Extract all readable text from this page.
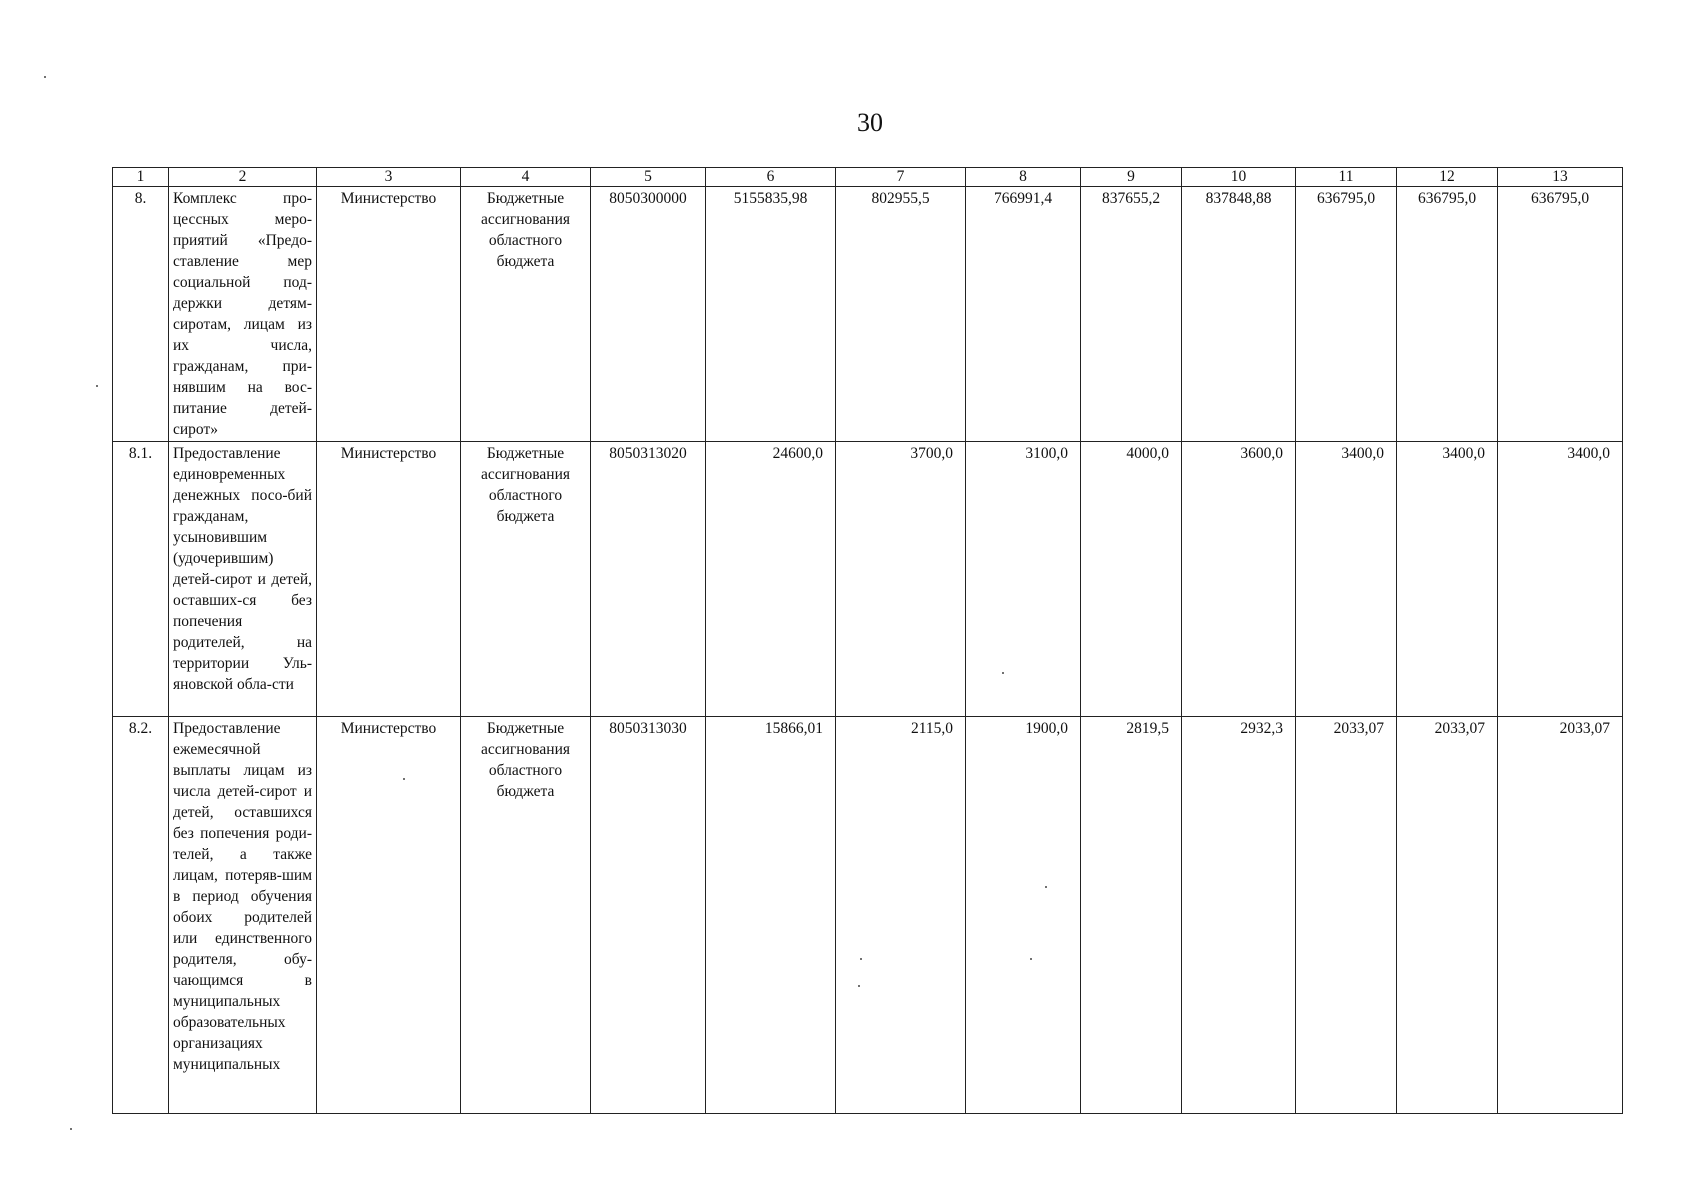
30
1	2	3	4	5	6	7	8	9	10	11	12	13
8.	Комплекс про-цессных меро-приятий «Предо-ставление мер социальной под-держки детям-сиротам, лицам из их числа, гражданам, при-нявшим на вос-питание детей-сирот»	Министерство	Бюджетные ассигнования областного бюджета	8050300000	5155835,98	802955,5	766991,4	837655,2	837848,88	636795,0	636795,0	636795,0
8.1.	Предоставление единовременных денежных посо-бий гражданам, усыновившим (удочерившим) детей-сирот и детей, оставших-ся без попечения родителей, на территории Уль-яновской обла-сти	Министерство	Бюджетные ассигнования областного бюджета	8050313020	24600,0	3700,0	3100,0	4000,0	3600,0	3400,0	3400,0	3400,0
8.2.	Предоставление ежемесячной выплаты лицам из числа детей-сирот и детей, оставшихся без попечения роди-телей, а также лицам, потеряв-шим в период обучения обоих родителей или единственного родителя, обу-чающимся в муниципальных образовательных организациях муниципальных	Министерство	Бюджетные ассигнования областного бюджета	8050313030	15866,01	2115,0	1900,0	2819,5	2932,3	2033,07	2033,07	2033,07
